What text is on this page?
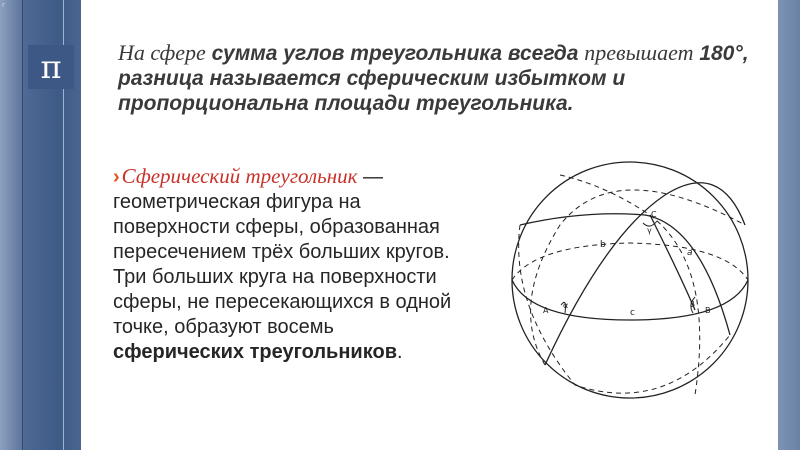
r
π	На сфере сумма углов треугольника всегда превышает 180°, разница называется сферическим избытком и пропорциональна площади треугольника.
›Сферический треугольник — геометрическая фигура на поверхности сферы, образованная пересечением трёх больших кругов. Три больших круга на поверхности сферы, не пересекающихся в одной точке, образуют восемь сферических треугольников.
b
a
c
α	β
γ
A	B
C
